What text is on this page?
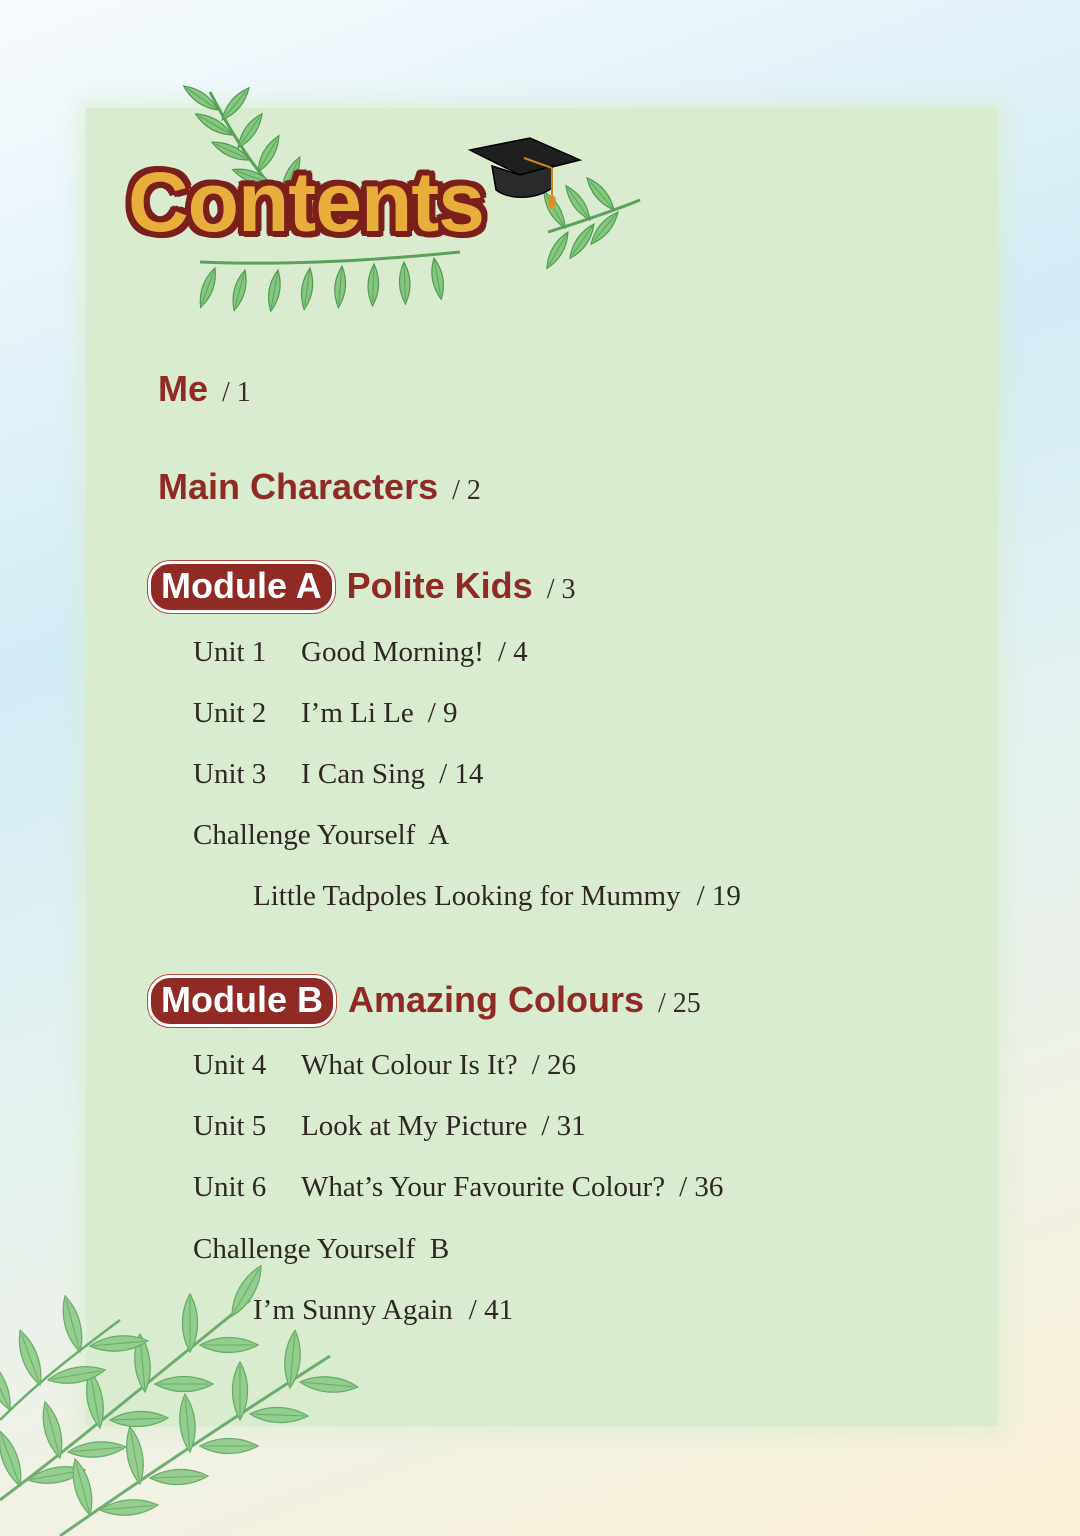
Contents
Me / 1
Main Characters / 2
Module A Polite Kids / 3
Unit 1 Good Morning! / 4
Unit 2 I’m Li Le / 9
Unit 3 I Can Sing / 14
Challenge Yourself  A
Little Tadpoles Looking for Mummy / 19
Module B Amazing Colours / 25
Unit 4 What Colour Is It? / 26
Unit 5 Look at My Picture / 31
Unit 6 What’s Your Favourite Colour? / 36
Challenge Yourself  B
I’m Sunny Again / 41
